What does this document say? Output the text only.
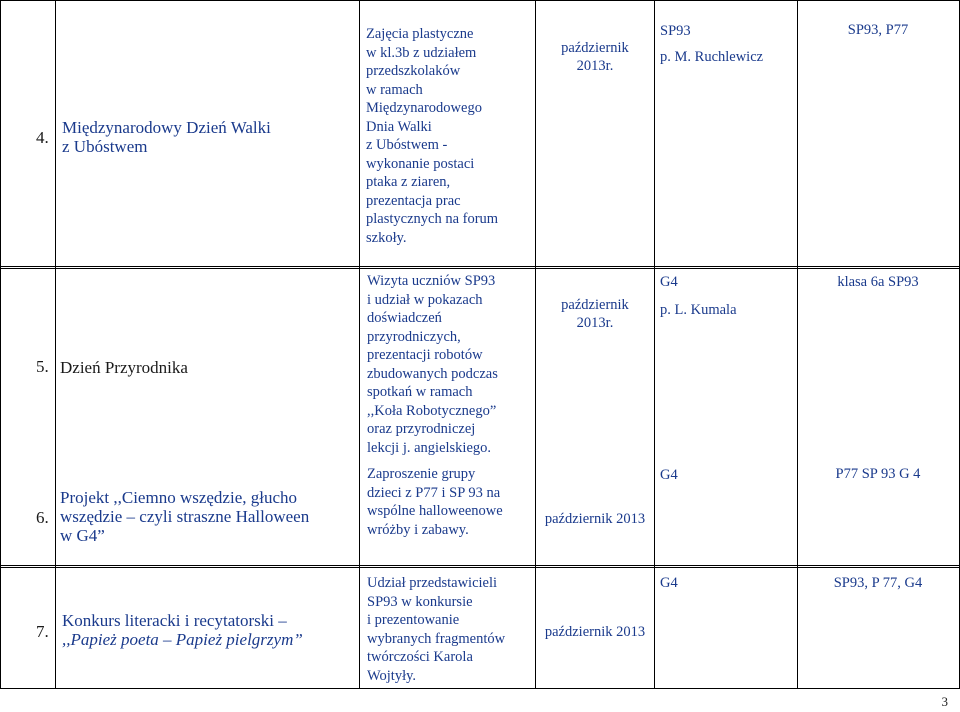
4.
Międzynarodowy Dzień Walki
z Ubóstwem
Zajęcia plastyczne
w kl.3b z udziałem
przedszkolaków
w ramach
Międzynarodowego
Dnia Walki
z Ubóstwem -
wykonanie postaci
ptaka z ziaren,
prezentacja prac
plastycznych na forum
szkoły.
październik
2013r.
SP93
p. M. Ruchlewicz
SP93, P77
5. Dzień Przyrodnika
Wizyta uczniów SP93
i udział w pokazach
doświadczeń
przyrodniczych,
prezentacji robotów
zbudowanych podczas
spotkań w ramach
,,Koła Robotycznego”
oraz przyrodniczej
lekcji j. angielskiego.
październik
2013r.
G4
p. L. Kumala
klasa 6a SP93
6.
Projekt ,,Ciemno wszędzie, głucho
wszędzie – czyli straszne Halloween
w G4”
Zaproszenie grupy
dzieci z P77 i SP 93 na
wspólne halloweenowe
wróżby i zabawy.
październik 2013
G4	P77 SP 93 G 4
7.
Konkurs literacki i recytatorski –
,,Papież poeta – Papież pielgrzym”
Udział przedstawicieli
SP93 w konkursie
i prezentowanie
wybranych fragmentów
twórczości Karola
Wojtyły.
październik 2013
G4	SP93, P 77, G4
3
